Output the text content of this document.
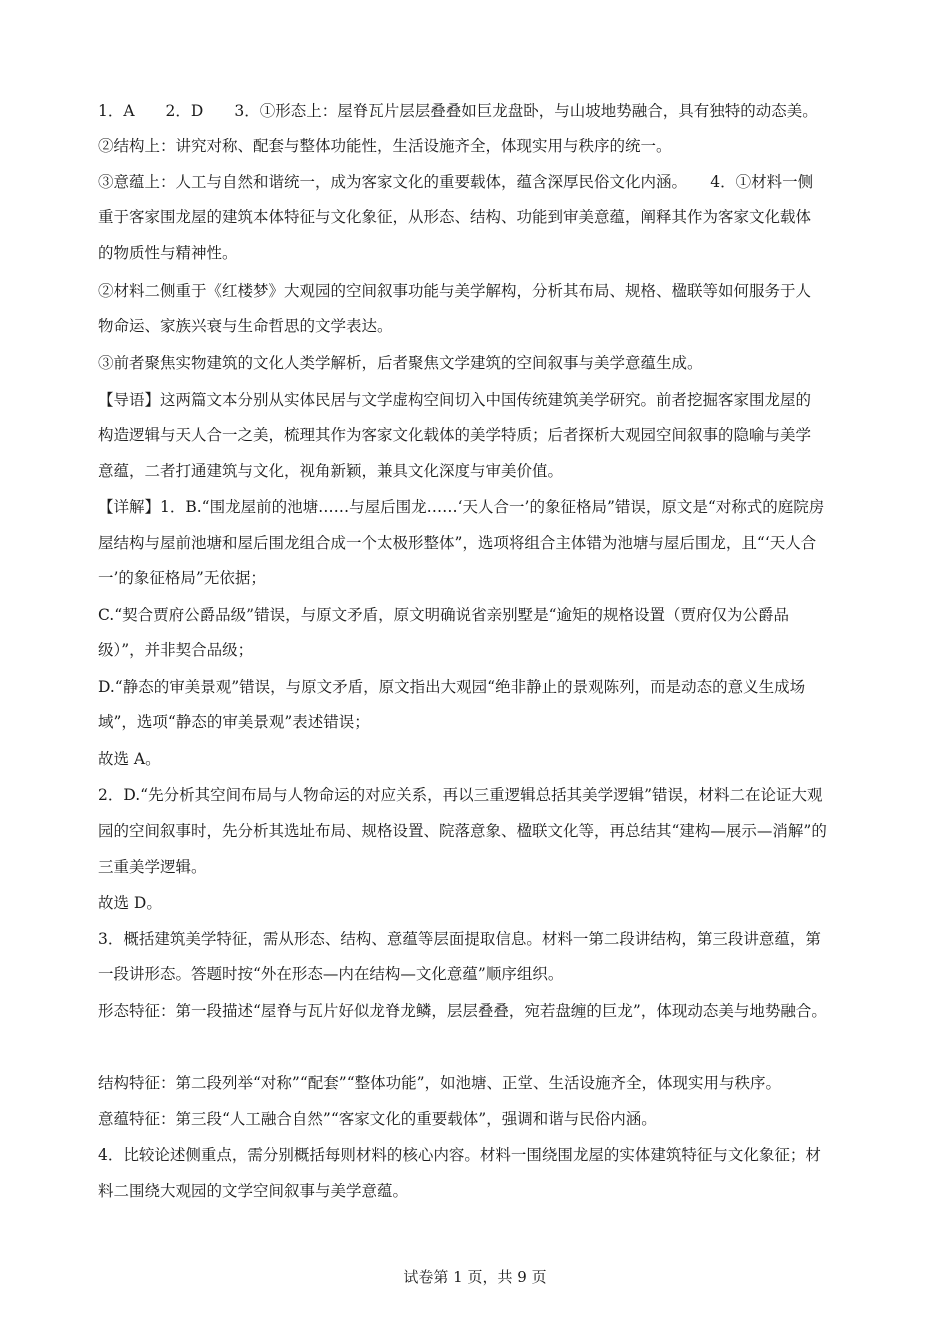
1．A　　2．D　　3．①形态上：屋脊瓦片层层叠叠如巨龙盘卧，与山坡地势融合，具有独特的动态美。
②结构上：讲究对称、配套与整体功能性，生活设施齐全，体现实用与秩序的统一。
③意蕴上：人工与自然和谐统一，成为客家文化的重要载体，蕴含深厚民俗文化内涵。　　4．①材料一侧
重于客家围龙屋的建筑本体特征与文化象征，从形态、结构、功能到审美意蕴，阐释其作为客家文化载体
的物质性与精神性。
②材料二侧重于《红楼梦》大观园的空间叙事功能与美学解构，分析其布局、规格、楹联等如何服务于人
物命运、家族兴衰与生命哲思的文学表达。
③前者聚焦实物建筑的文化人类学解析，后者聚焦文学建筑的空间叙事与美学意蕴生成。
【导语】这两篇文本分别从实体民居与文学虚构空间切入中国传统建筑美学研究。前者挖掘客家围龙屋的
构造逻辑与天人合一之美，梳理其作为客家文化载体的美学特质；后者探析大观园空间叙事的隐喻与美学
意蕴，二者打通建筑与文化，视角新颖，兼具文化深度与审美价值。
【详解】1．B.“围龙屋前的池塘……与屋后围龙……‘天人合一’的象征格局”错误，原文是“对称式的庭院房
屋结构与屋前池塘和屋后围龙组合成一个太极形整体”，选项将组合主体错为池塘与屋后围龙，且“‘天人合
一’的象征格局”无依据；
C.“契合贾府公爵品级”错误，与原文矛盾，原文明确说省亲别墅是“逾矩的规格设置（贾府仅为公爵品
级）”，并非契合品级；
D.“静态的审美景观”错误，与原文矛盾，原文指出大观园“绝非静止的景观陈列，而是动态的意义生成场
域”，选项“静态的审美景观”表述错误；
故选 A。
2．D.“先分析其空间布局与人物命运的对应关系，再以三重逻辑总括其美学逻辑”错误，材料二在论证大观
园的空间叙事时，先分析其选址布局、规格设置、院落意象、楹联文化等，再总结其“建构—展示—消解”的
三重美学逻辑。
故选 D。
3．概括建筑美学特征，需从形态、结构、意蕴等层面提取信息。材料一第二段讲结构，第三段讲意蕴，第
一段讲形态。答题时按“外在形态—内在结构—文化意蕴”顺序组织。
形态特征：第一段描述“屋脊与瓦片好似龙脊龙鳞，层层叠叠，宛若盘缠的巨龙”，体现动态美与地势融合。
结构特征：第二段列举“对称”“配套”“整体功能”，如池塘、正堂、生活设施齐全，体现实用与秩序。
意蕴特征：第三段“人工融合自然”“客家文化的重要载体”，强调和谐与民俗内涵。
4．比较论述侧重点，需分别概括每则材料的核心内容。材料一围绕围龙屋的实体建筑特征与文化象征；材
料二围绕大观园的文学空间叙事与美学意蕴。
试卷第 1 页，共 9 页
